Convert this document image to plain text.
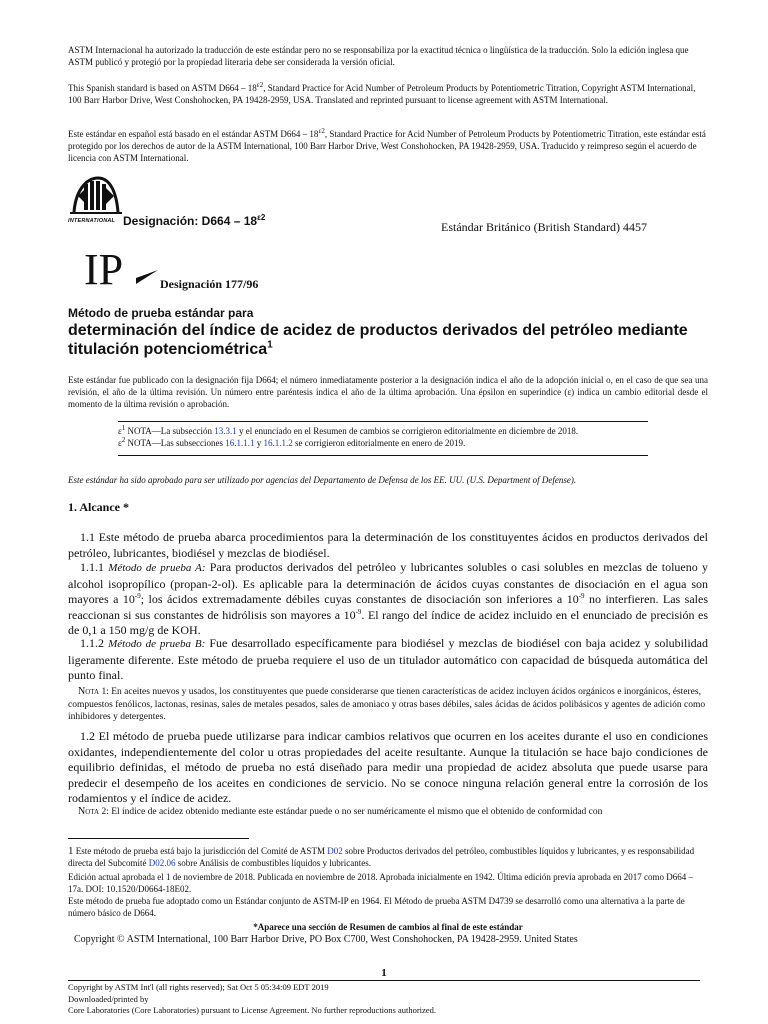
ASTM Internacional ha autorizado la traducción de este estándar pero no se responsabiliza por la exactitud técnica o lingüística de la traducción. Solo la edición inglesa que ASTM publicó y protegió por la propiedad literaria debe ser considerada la versión oficial.
This Spanish standard is based on ASTM $D664 - 18^{\varepsilon 2}$, Standard Practice for Acid Number of Petroleum Products by Potentiometric Titration, Copyright ASTM International, 100 Barr Harbor Drive, West Conshohocken, PA 19428-2959, USA. Translated and reprinted pursuant to license agreement with ASTM International.
Este estándar en español está basado en el estándar ASTM $D664 - 18^{\varepsilon 2}$, Standard Practice for Acid Number of Petroleum Products by Potentiometric Titration, este estándar está protegido por los derechos de autor de la ASTM International, 100 Barr Harbor Drive, West Conshohocken, PA 19428-2959, USA. Traducido y reimpreso según el acuerdo de licencia con ASTM International.
INTERNATIONAL Designación: $D664 - 18^{\varepsilon 2}$
Estándar Británico (British Standard) 4457
IP	Designación 177/96
Método de prueba estándar para
determinación del índice de acidez de productos derivados del petróleo mediante titulación potenciométrica$^1$
Este estándar fue publicado con la designación fija D664; el número inmediatamente posterior a la designación indica el año de la adopción inicial o, en el caso de que sea una revisión, el año de la última revisión. Un número entre paréntesis indica el año de la última aprobación. Una épsilon en superíndice (ε) indica un cambio editorial desde el momento de la última revisión o aprobación.
$\varepsilon^1$ NOTA—La subsección 13.3.1 y el enunciado en el Resumen de cambios se corrigieron editorialmente en diciembre de 2018.
$\varepsilon^2$ NOTA—Las subsecciones 16.1.1.1 y 16.1.1.2 se corrigieron editorialmente en enero de 2019.
Este estándar ha sido aprobado para ser utilizado por agencias del Departamento de Defensa de los EE. UU. (U.S. Department of Defense).
1. Alcance *
1.1 Este método de prueba abarca procedimientos para la determinación de los constituyentes ácidos en productos derivados del petróleo, lubricantes, biodiésel y mezclas de biodiésel.
1.1.1 Método de prueba A: Para productos derivados del petróleo y lubricantes solubles o casi solubles en mezclas de tolueno y alcohol isopropílico (propan-2-ol). Es aplicable para la determinación de ácidos cuyas constantes de disociación en el agua son mayores a $10^{-9}$; los ácidos extremadamente débiles cuyas constantes de disociación son inferiores a $10^{-9}$ no interfieren. Las sales reaccionan si sus constantes de hidrólisis son mayores a $10^{-9}$. El rango del índice de acidez incluido en el enunciado de precisión es de 0,1 a 150 mg/g de KOH.
1.1.2 Método de prueba B: Fue desarrollado específicamente para biodiésel y mezclas de biodiésel con baja acidez y solubilidad ligeramente diferente. Este método de prueba requiere el uso de un titulador automático con capacidad de búsqueda automática del punto final.
Nota 1: En aceites nuevos y usados, los constituyentes que puede considerarse que tienen características de acidez incluyen ácidos orgánicos e inorgánicos, ésteres, compuestos fenólicos, lactonas, resinas, sales de metales pesados, sales de amoniaco y otras bases débiles, sales ácidas de ácidos polibásicos y agentes de adición como inhibidores y detergentes.
1.2 El método de prueba puede utilizarse para indicar cambios relativos que ocurren en los aceites durante el uso en condiciones oxidantes, independientemente del color u otras propiedades del aceite resultante. Aunque la titulación se hace bajo condiciones de equilibrio definidas, el método de prueba no está diseñado para medir una propiedad de acidez absoluta que puede usarse para predecir el desempeño de los aceites en condiciones de servicio. No se conoce ninguna relación general entre la corrosión de los rodamientos y el índice de acidez.
Nota 2: El índice de acidez obtenido mediante este estándar puede o no ser numéricamente el mismo que el obtenido de conformidad con
1 Este método de prueba está bajo la jurisdicción del Comité de ASTM D02 sobre Productos derivados del petróleo, combustibles líquidos y lubricantes, y es responsabilidad directa del Subcomité D02.06 sobre Análisis de combustibles líquidos y lubricantes.
Edición actual aprobada el 1 de noviembre de 2018. Publicada en noviembre de 2018. Aprobada inicialmente en 1942. Última edición previa aprobada en 2017 como D664 – 17a. DOI: 10.1520/D0664-18E02.
Este método de prueba fue adoptado como un Estándar conjunto de ASTM-IP en 1964. El Método de prueba ASTM D4739 se desarrolló como una alternativa a la parte de número básico de D664.
*Aparece una sección de Resumen de cambios al final de este estándar
Copyright © ASTM International, 100 Barr Harbor Drive, PO Box C700, West Conshohocken, PA 19428-2959. United States
1
Copyright by ASTM Int'l (all rights reserved); Sat Oct 5 05:34:09 EDT 2019
Downloaded/printed by
Core Laboratories (Core Laboratories) pursuant to License Agreement. No further reproductions authorized.
